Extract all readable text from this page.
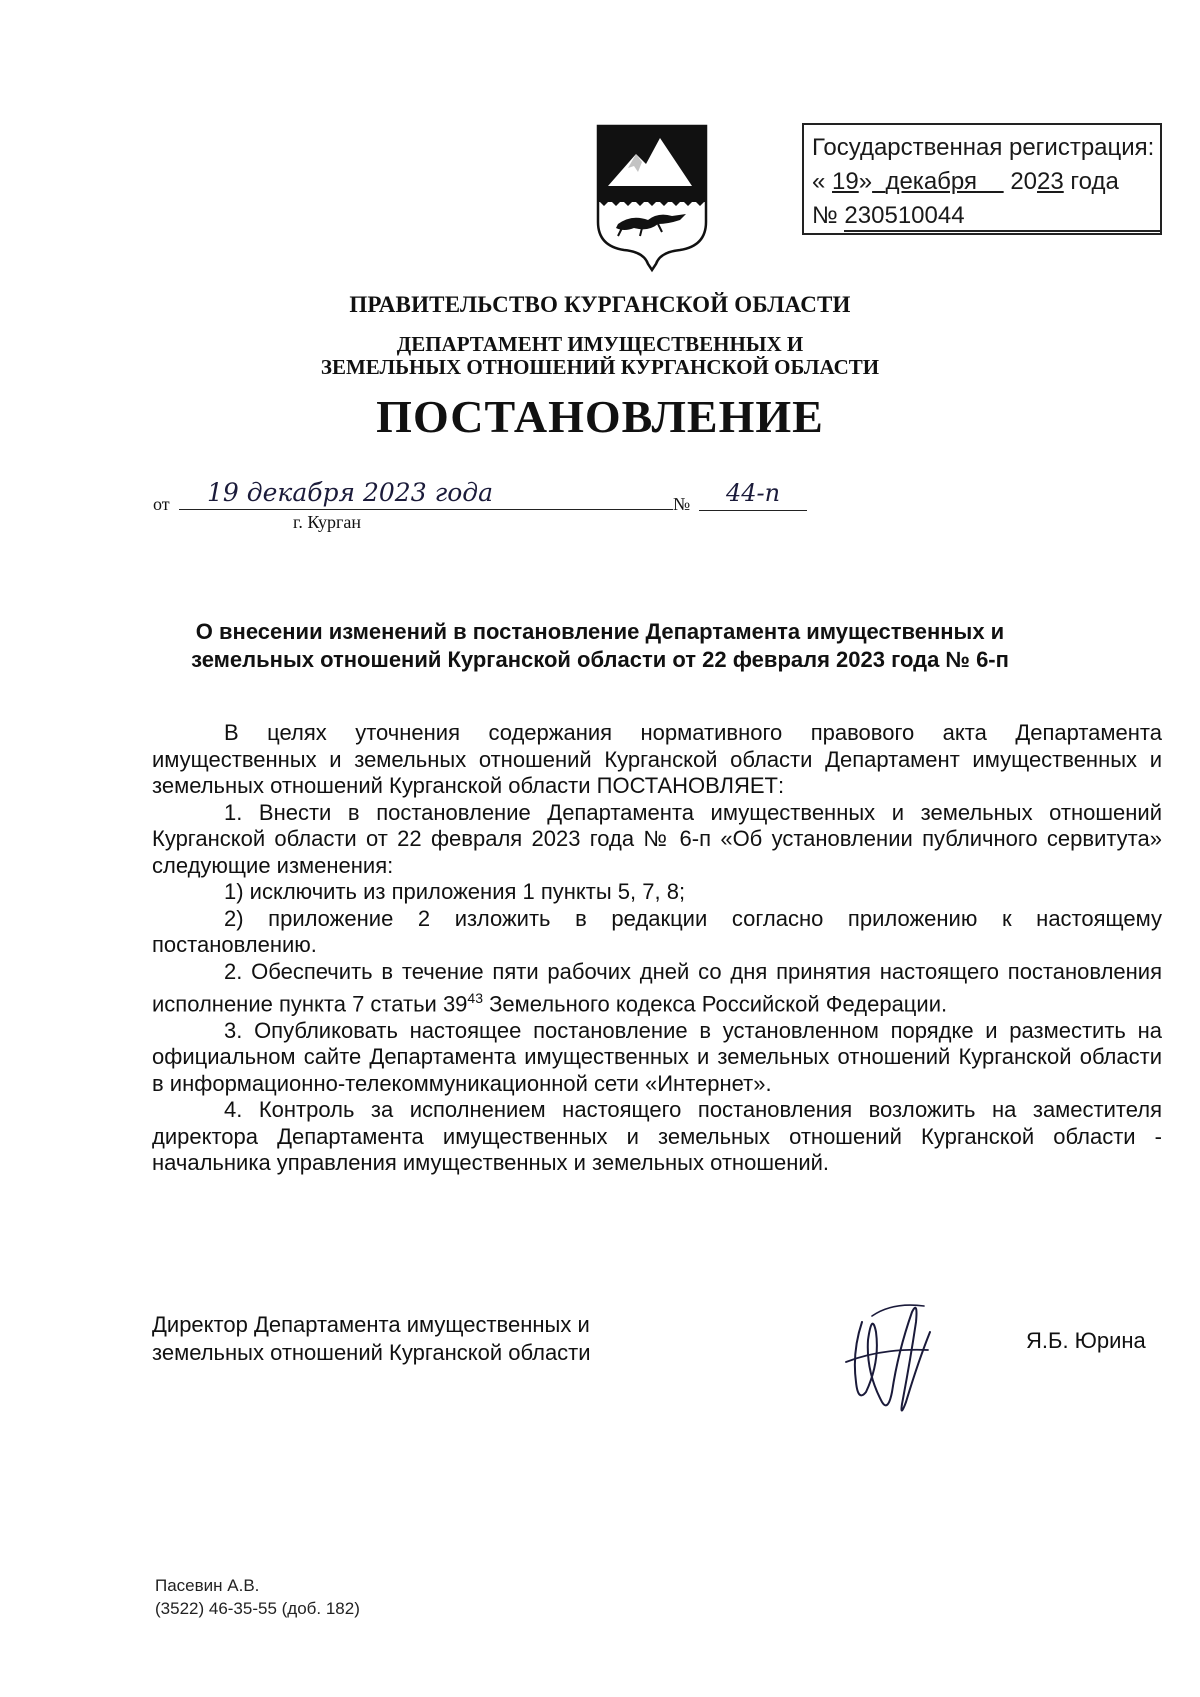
Государственная регистрация:
« 19» декабря 2023 года
№ 230510044
ПРАВИТЕЛЬСТВО КУРГАНСКОЙ ОБЛАСТИ
ДЕПАРТАМЕНТ ИМУЩЕСТВЕННЫХ И
ЗЕМЕЛЬНЫХ ОТНОШЕНИЙ КУРГАНСКОЙ ОБЛАСТИ
ПОСТАНОВЛЕНИЕ
от	19 декабря 2023 года	№	44-п
г. Курган
О внесении изменений в постановление Департамента имущественных и
земельных отношений Курганской области от 22 февраля 2023 года № 6-п

В целях уточнения содержания нормативного правового акта Департамента имущественных и земельных отношений Курганской области Департамент имущественных и земельных отношений Курганской области ПОСТАНОВЛЯЕТ:

1. Внести в постановление Департамента имущественных и земельных отношений Курганской области от 22 февраля 2023 года № 6-п «Об установлении публичного сервитута» следующие изменения:

1) исключить из приложения 1 пункты 5, 7, 8;

2) приложение 2 изложить в редакции согласно приложению к настоящему постановлению.

2. Обеспечить в течение пяти рабочих дней со дня принятия настоящего постановления исполнение пункта 7 статьи $39^{43}$ Земельного кодекса Российской Федерации.

3. Опубликовать настоящее постановление в установленном порядке и разместить на официальном сайте Департамента имущественных и земельных отношений Курганской области в информационно-телекоммуникационной сети «Интернет».

4. Контроль за исполнением настоящего постановления возложить на заместителя директора Департамента имущественных и земельных отношений Курганской области - начальника управления имущественных и земельных отношений.

Директор Департамента имущественных и
земельных отношений Курганской области	Я.Б. Юрина
Пасевин А.В.
(3522) 46-35-55 (доб. 182)
